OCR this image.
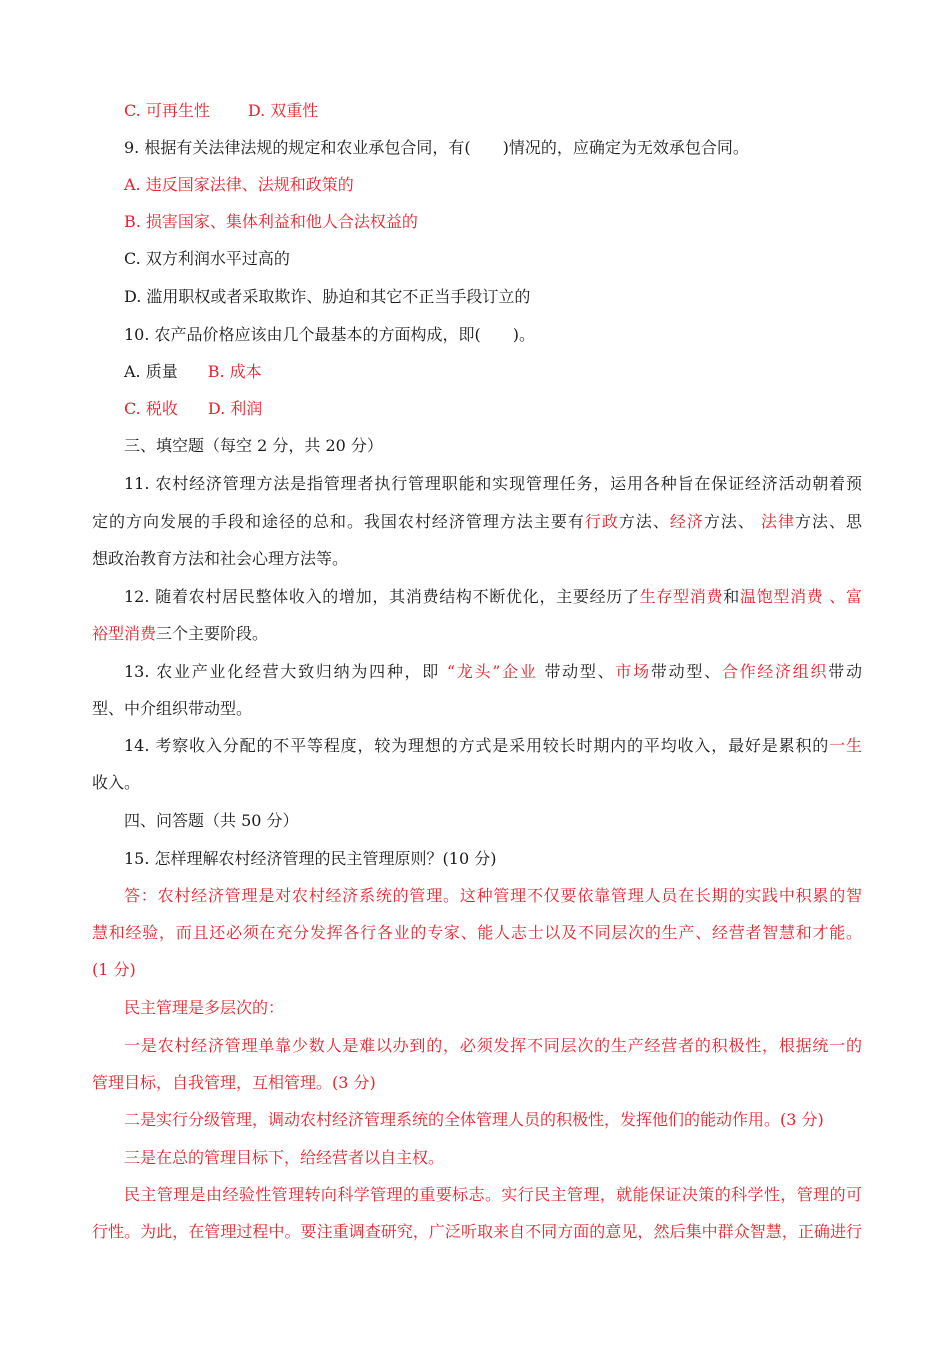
C. 可再生性 D. 双重性
9. 根据有关法律法规的规定和农业承包合同，有(　　)情况的，应确定为无效承包合同。
A. 违反国家法律、法规和政策的
B. 损害国家、集体利益和他人合法权益的
C. 双方利润水平过高的
D. 滥用职权或者采取欺诈、胁迫和其它不正当手段订立的
10. 农产品价格应该由几个最基本的方面构成，即(　　)。
A. 质量 B. 成本
C. 税收 D. 利润
三、填空题（每空 2 分，共 20 分）
11. 农村经济管理方法是指管理者执行管理职能和实现管理任务，运用各种旨在保证经济活动朝着预
定的方向发展的手段和途径的总和。我国农村经济管理方法主要有行政方法、经济方法、 法律方法、思
想政治教育方法和社会心理方法等。
12. 随着农村居民整体收入的增加，其消费结构不断优化，主要经历了生存型消费和温饱型消费 、富
裕型消费三个主要阶段。
13. 农业产业化经营大致归纳为四种，即 “龙头”企业 带动型、市场带动型、合作经济组织带动
型、中介组织带动型。
14. 考察收入分配的不平等程度，较为理想的方式是采用较长时期内的平均收入，最好是累积的一生
收入。
四、问答题（共 50 分）
15. 怎样理解农村经济管理的民主管理原则？(10 分)
答：农村经济管理是对农村经济系统的管理。这种管理不仅要依靠管理人员在长期的实践中积累的智
慧和经验，而且还必须在充分发挥各行各业的专家、能人志士以及不同层次的生产、经营者智慧和才能。
(1 分)
民主管理是多层次的：
一是农村经济管理单靠少数人是难以办到的，必须发挥不同层次的生产经营者的积极性，根据统一的
管理目标，自我管理，互相管理。(3 分)
二是实行分级管理，调动农村经济管理系统的全体管理人员的积极性，发挥他们的能动作用。(3 分)
三是在总的管理目标下，给经营者以自主权。
民主管理是由经验性管理转向科学管理的重要标志。实行民主管理，就能保证决策的科学性，管理的可
行性。为此，在管理过程中。要注重调查研究，广泛听取来自不同方面的意见，然后集中群众智慧，正确进行
